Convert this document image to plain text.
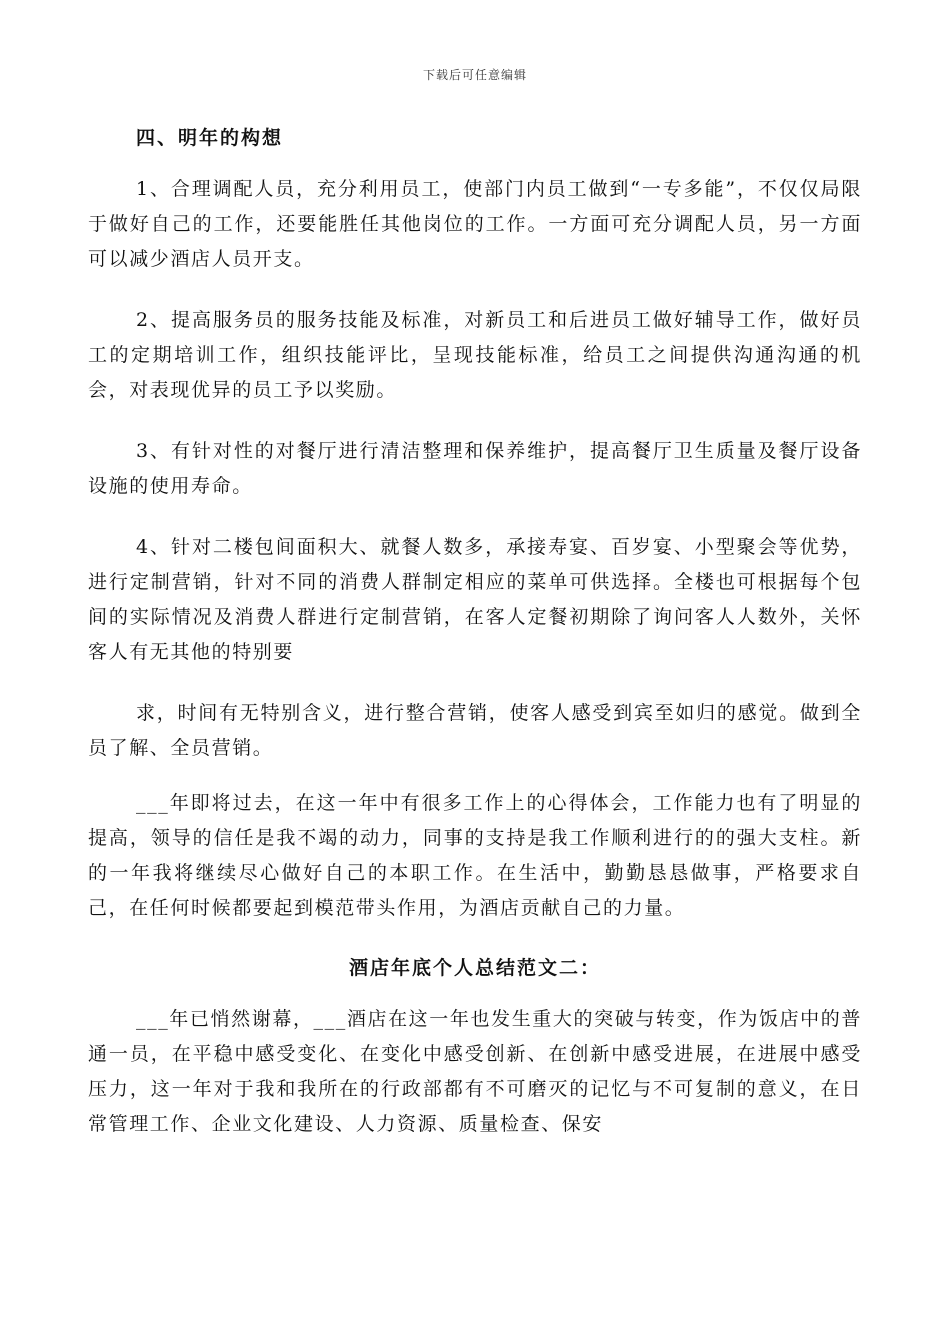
下载后可任意编辑
四、明年的构想

1、合理调配人员，充分利用员工，使部门内员工做到“一专多能”，不仅仅局限于做好自己的工作，还要能胜任其他岗位的工作。一方面可充分调配人员，另一方面可以减少酒店人员开支。

2、提高服务员的服务技能及标准，对新员工和后进员工做好辅导工作，做好员工的定期培训工作，组织技能评比，呈现技能标准，给员工之间提供沟通沟通的机会，对表现优异的员工予以奖励。

3、有针对性的对餐厅进行清洁整理和保养维护，提高餐厅卫生质量及餐厅设备设施的使用寿命。

4、针对二楼包间面积大、就餐人数多，承接寿宴、百岁宴、小型聚会等优势，进行定制营销，针对不同的消费人群制定相应的菜单可供选择。全楼也可根据每个包间的实际情况及消费人群进行定制营销，在客人定餐初期除了询问客人人数外，关怀客人有无其他的特别要

求，时间有无特别含义，进行整合营销，使客人感受到宾至如归的感觉。做到全员了解、全员营销。

___年即将过去，在这一年中有很多工作上的心得体会，工作能力也有了明显的提高，领导的信任是我不竭的动力，同事的支持是我工作顺利进行的的强大支柱。新的一年我将继续尽心做好自己的本职工作。在生活中，勤勤恳恳做事，严格要求自己，在任何时候都要起到模范带头作用，为酒店贡献自己的力量。

酒店年底个人总结范文二：

___年已悄然谢幕，___酒店在这一年也发生重大的突破与转变，作为饭店中的普通一员，在平稳中感受变化、在变化中感受创新、在创新中感受进展，在进展中感受压力，这一年对于我和我所在的行政部都有不可磨灭的记忆与不可复制的意义，在日常管理工作、企业文化建设、人力资源、质量检查、保安
